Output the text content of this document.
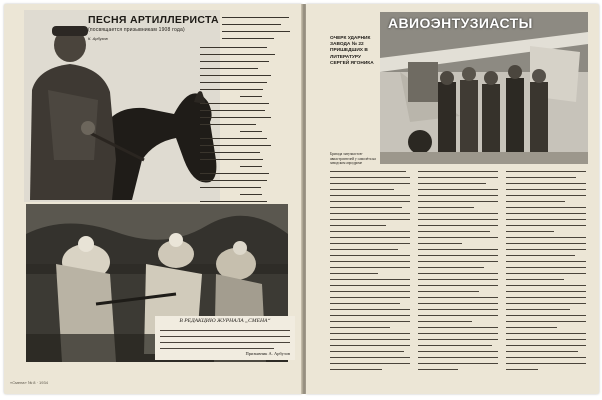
ПЕСНЯ АРТИЛЛЕРИСТА
(посвящается призывникам 1908 года)
К. Арбузов
В РЕДАКЦИЮ ЖУРНАЛА „СМЕНА“
Призывник А. Арбузов
«Смена» № 8 · 1934
АВИОЭНТУЗИАСТЫ
ОЧЕРК УДАРНИК ЗАВОДА № 22 ПРИШЕДШИХ В ЛИТЕРАТУРУ СЕРГЕЙ ЯГОНИКА
Бригада энтузиастов-авиастроителей у самолёта на заводском аэродроме
